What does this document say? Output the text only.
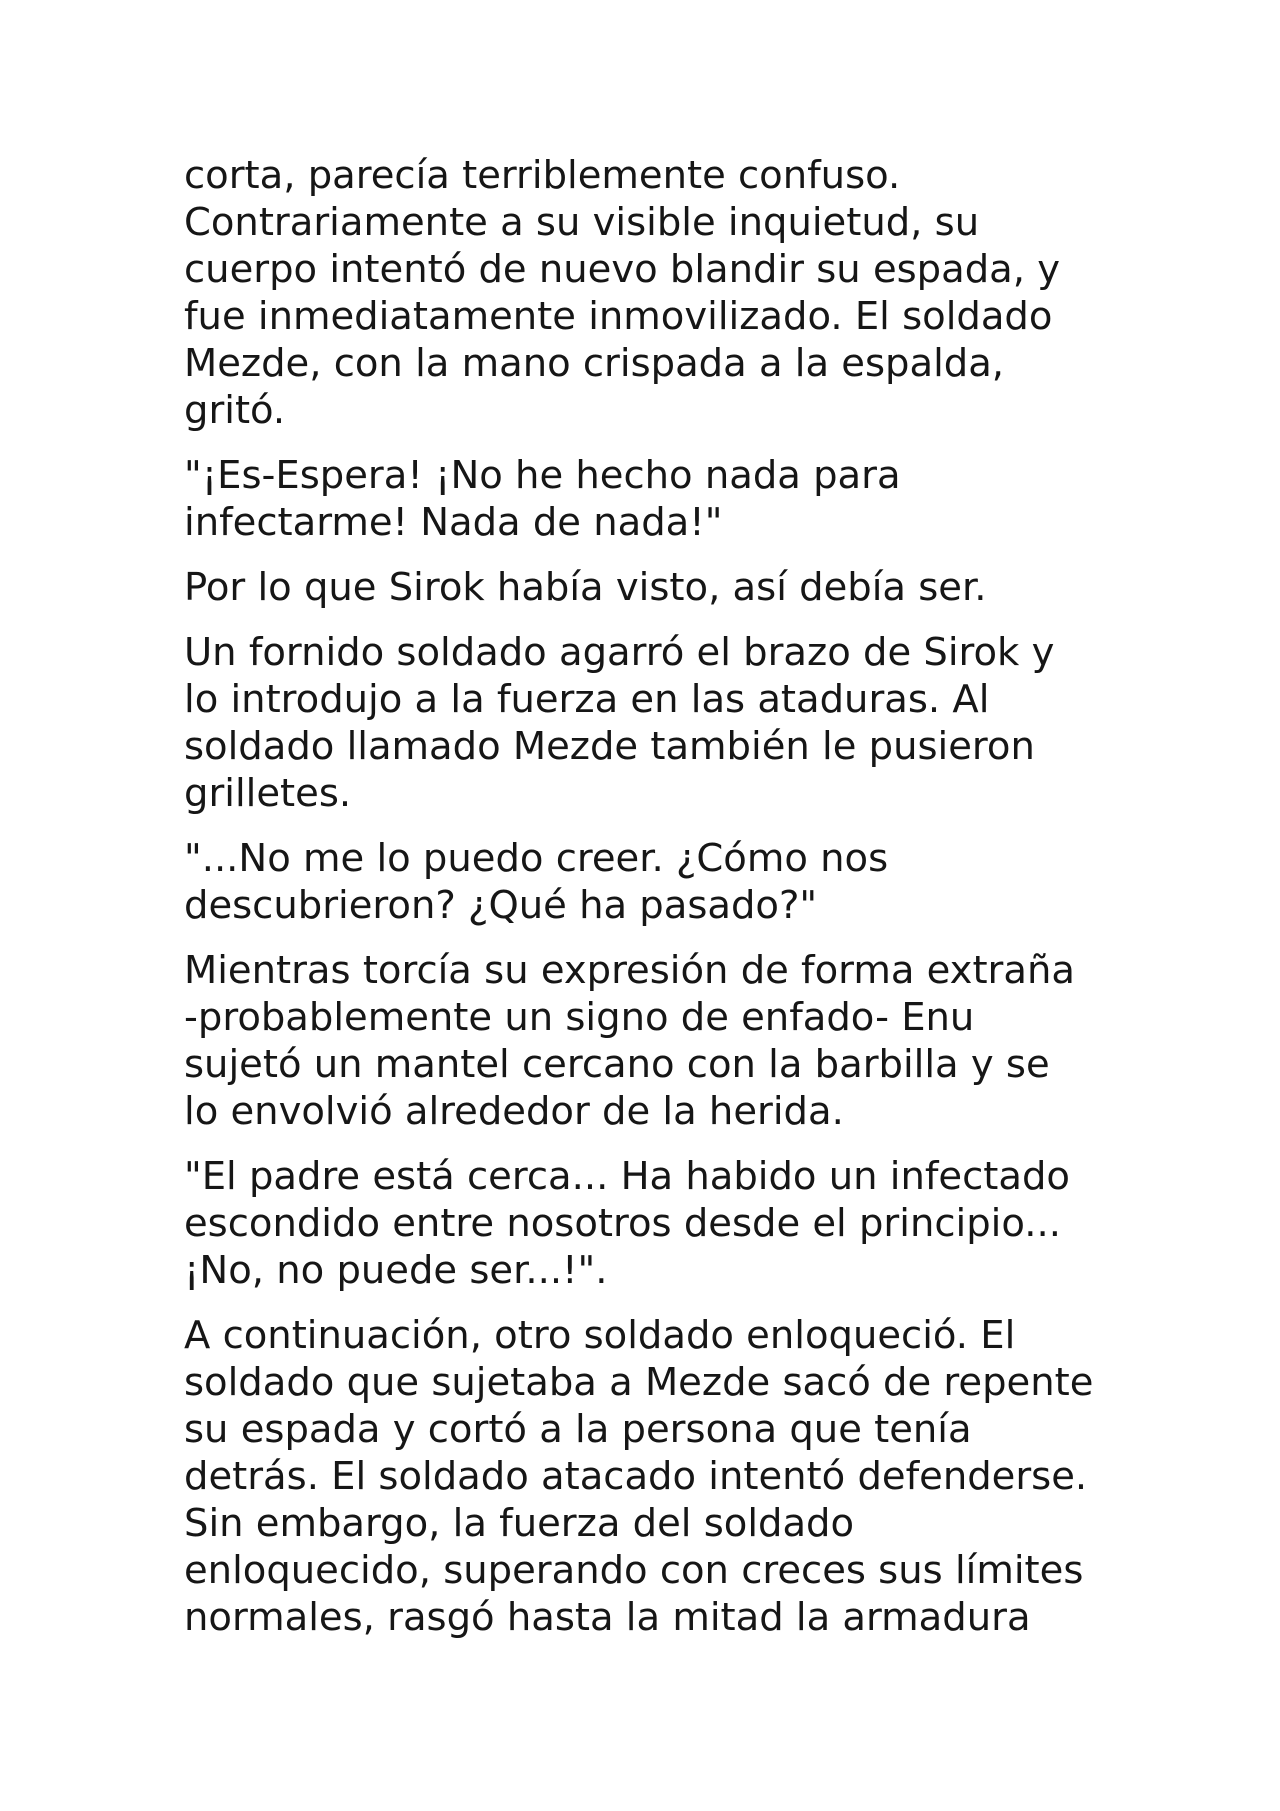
corta, parecía terriblemente confuso.
Contrariamente a su visible inquietud, su
cuerpo intentó de nuevo blandir su espada, y
fue inmediatamente inmovilizado. El soldado
Mezde, con la mano crispada a la espalda,
gritó.

"¡Es-Espera! ¡No he hecho nada para
infectarme! Nada de nada!"

Por lo que Sirok había visto, así debía ser.

Un fornido soldado agarró el brazo de Sirok y
lo introdujo a la fuerza en las ataduras. Al
soldado llamado Mezde también le pusieron
grilletes.

"...No me lo puedo creer. ¿Cómo nos
descubrieron? ¿Qué ha pasado?"

Mientras torcía su expresión de forma extraña
-probablemente un signo de enfado- Enu
sujetó un mantel cercano con la barbilla y se
lo envolvió alrededor de la herida.

"El padre está cerca... Ha habido un infectado
escondido entre nosotros desde el principio...
¡No, no puede ser...!".

A continuación, otro soldado enloqueció. El
soldado que sujetaba a Mezde sacó de repente
su espada y cortó a la persona que tenía
detrás. El soldado atacado intentó defenderse.
Sin embargo, la fuerza del soldado
enloquecido, superando con creces sus límites
normales, rasgó hasta la mitad la armadura
